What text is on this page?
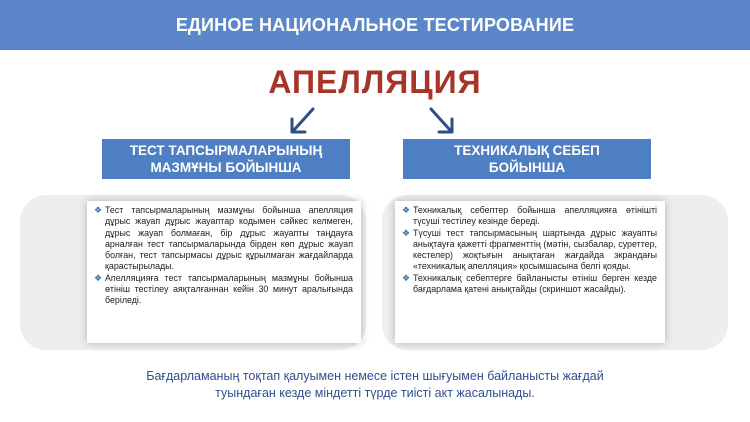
ЕДИНОЕ НАЦИОНАЛЬНОЕ ТЕСТИРОВАНИЕ
АПЕЛЛЯЦИЯ
ТЕСТ ТАПСЫРМАЛАРЫНЫҢ
МАЗМҰНЫ БОЙЫНША
ТЕХНИКАЛЫҚ СЕБЕП
БОЙЫНША
❖ Тест тапсырмаларының мазмұны бойынша апелляция дұрыс жауап дұрыс жауаптар кодымен сәйкес келмеген, дұрыс жауап болмаған, бір дұрыс жауапты таңдауға арналған тест тапсырмаларында бірден көп дұрыс жауап болған, тест тапсырмасы дұрыс құрылмаған жағдайларда қарастырылады.
❖ Апелляцияға тест тапсырмаларының мазмұны бойынша өтініш тестілеу аяқталғаннан кейін 30 минут аралығында беріледі.
❖ Техникалық себептер бойынша апелляцияға өтінішті түсуші тестілеу кезінде береді.
❖ Түсуші тест тапсырмасының шартында дұрыс жауапты анықтауға қажетті фрагменттің (мәтін, сызбалар, суреттер, кестелер) жоқтығын анықтаған жағдайда экрандағы «техникалық апелляция» қосымшасына белгі қояды.
❖ Техникалық себептерге байланысты өтініш берген кезде бағдарлама қатені анықтайды (скриншот жасайды).
Бағдарламаның тоқтап қалуымен немесе істен шығуымен байланысты жағдай
туындаған кезде міндетті түрде тиісті акт жасалынады.
